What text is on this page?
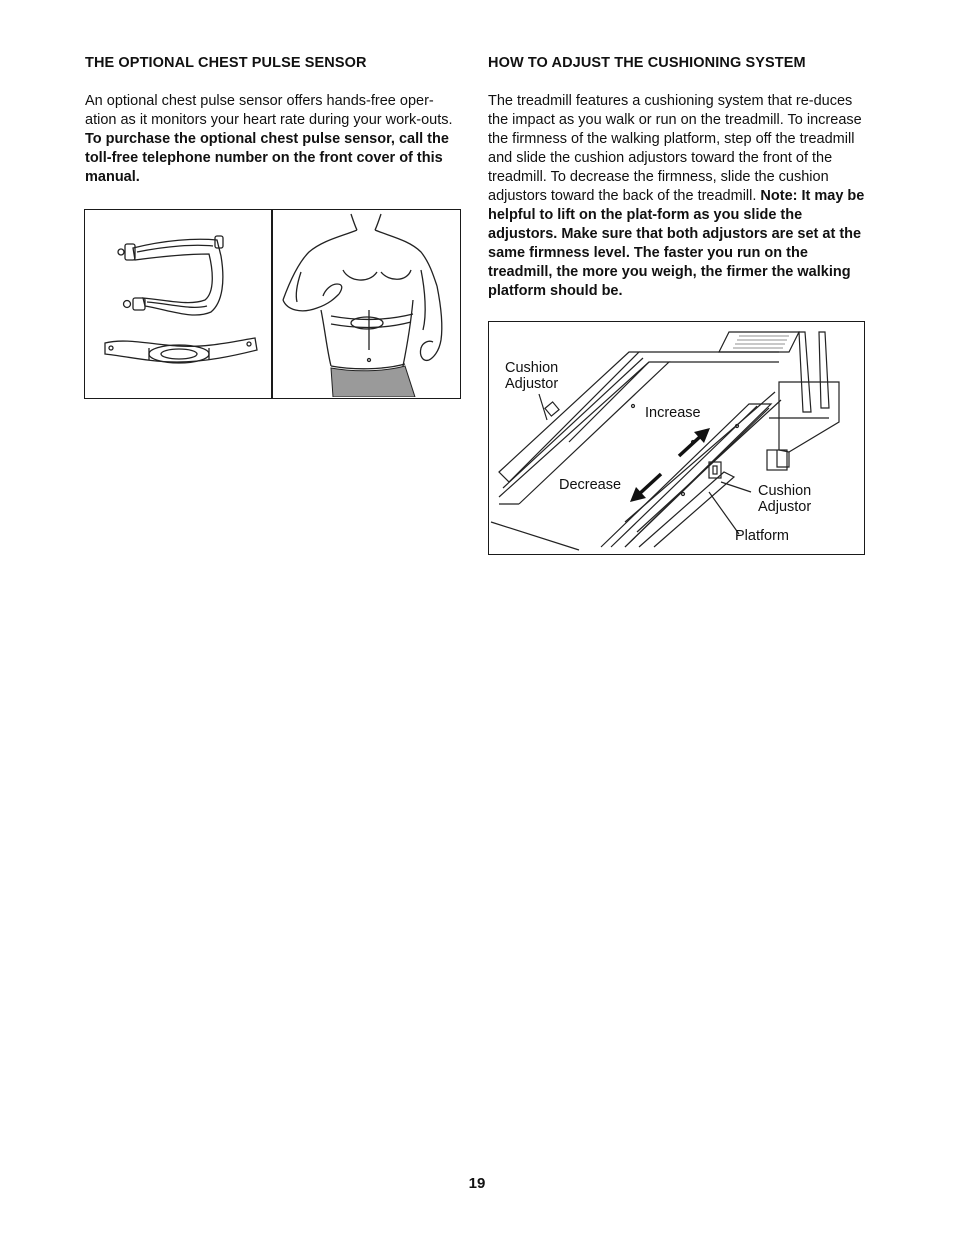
THE OPTIONAL CHEST PULSE SENSOR

An optional chest pulse sensor offers hands-free oper-ation as it monitors your heart rate during your work-outs. To purchase the optional chest pulse sensor, call the toll-free telephone number on the front cover of this manual.

HOW TO ADJUST THE CUSHIONING SYSTEM

The treadmill features a cushioning system that re-duces the impact as you walk or run on the treadmill. To increase the firmness of the walking platform, step off the treadmill and slide the cushion adjustors toward the front of the treadmill. To decrease the firmness, slide the cushion adjustors toward the back of the treadmill. Note: It may be helpful to lift on the plat-form as you slide the adjustors. Make sure that both adjustors are set at the same firmness level. The faster you run on the treadmill, the more you weigh, the firmer the walking platform should be.

Cushion
Adjustor
Increase
Decrease	Cushion
Adjustor
Platform
19
